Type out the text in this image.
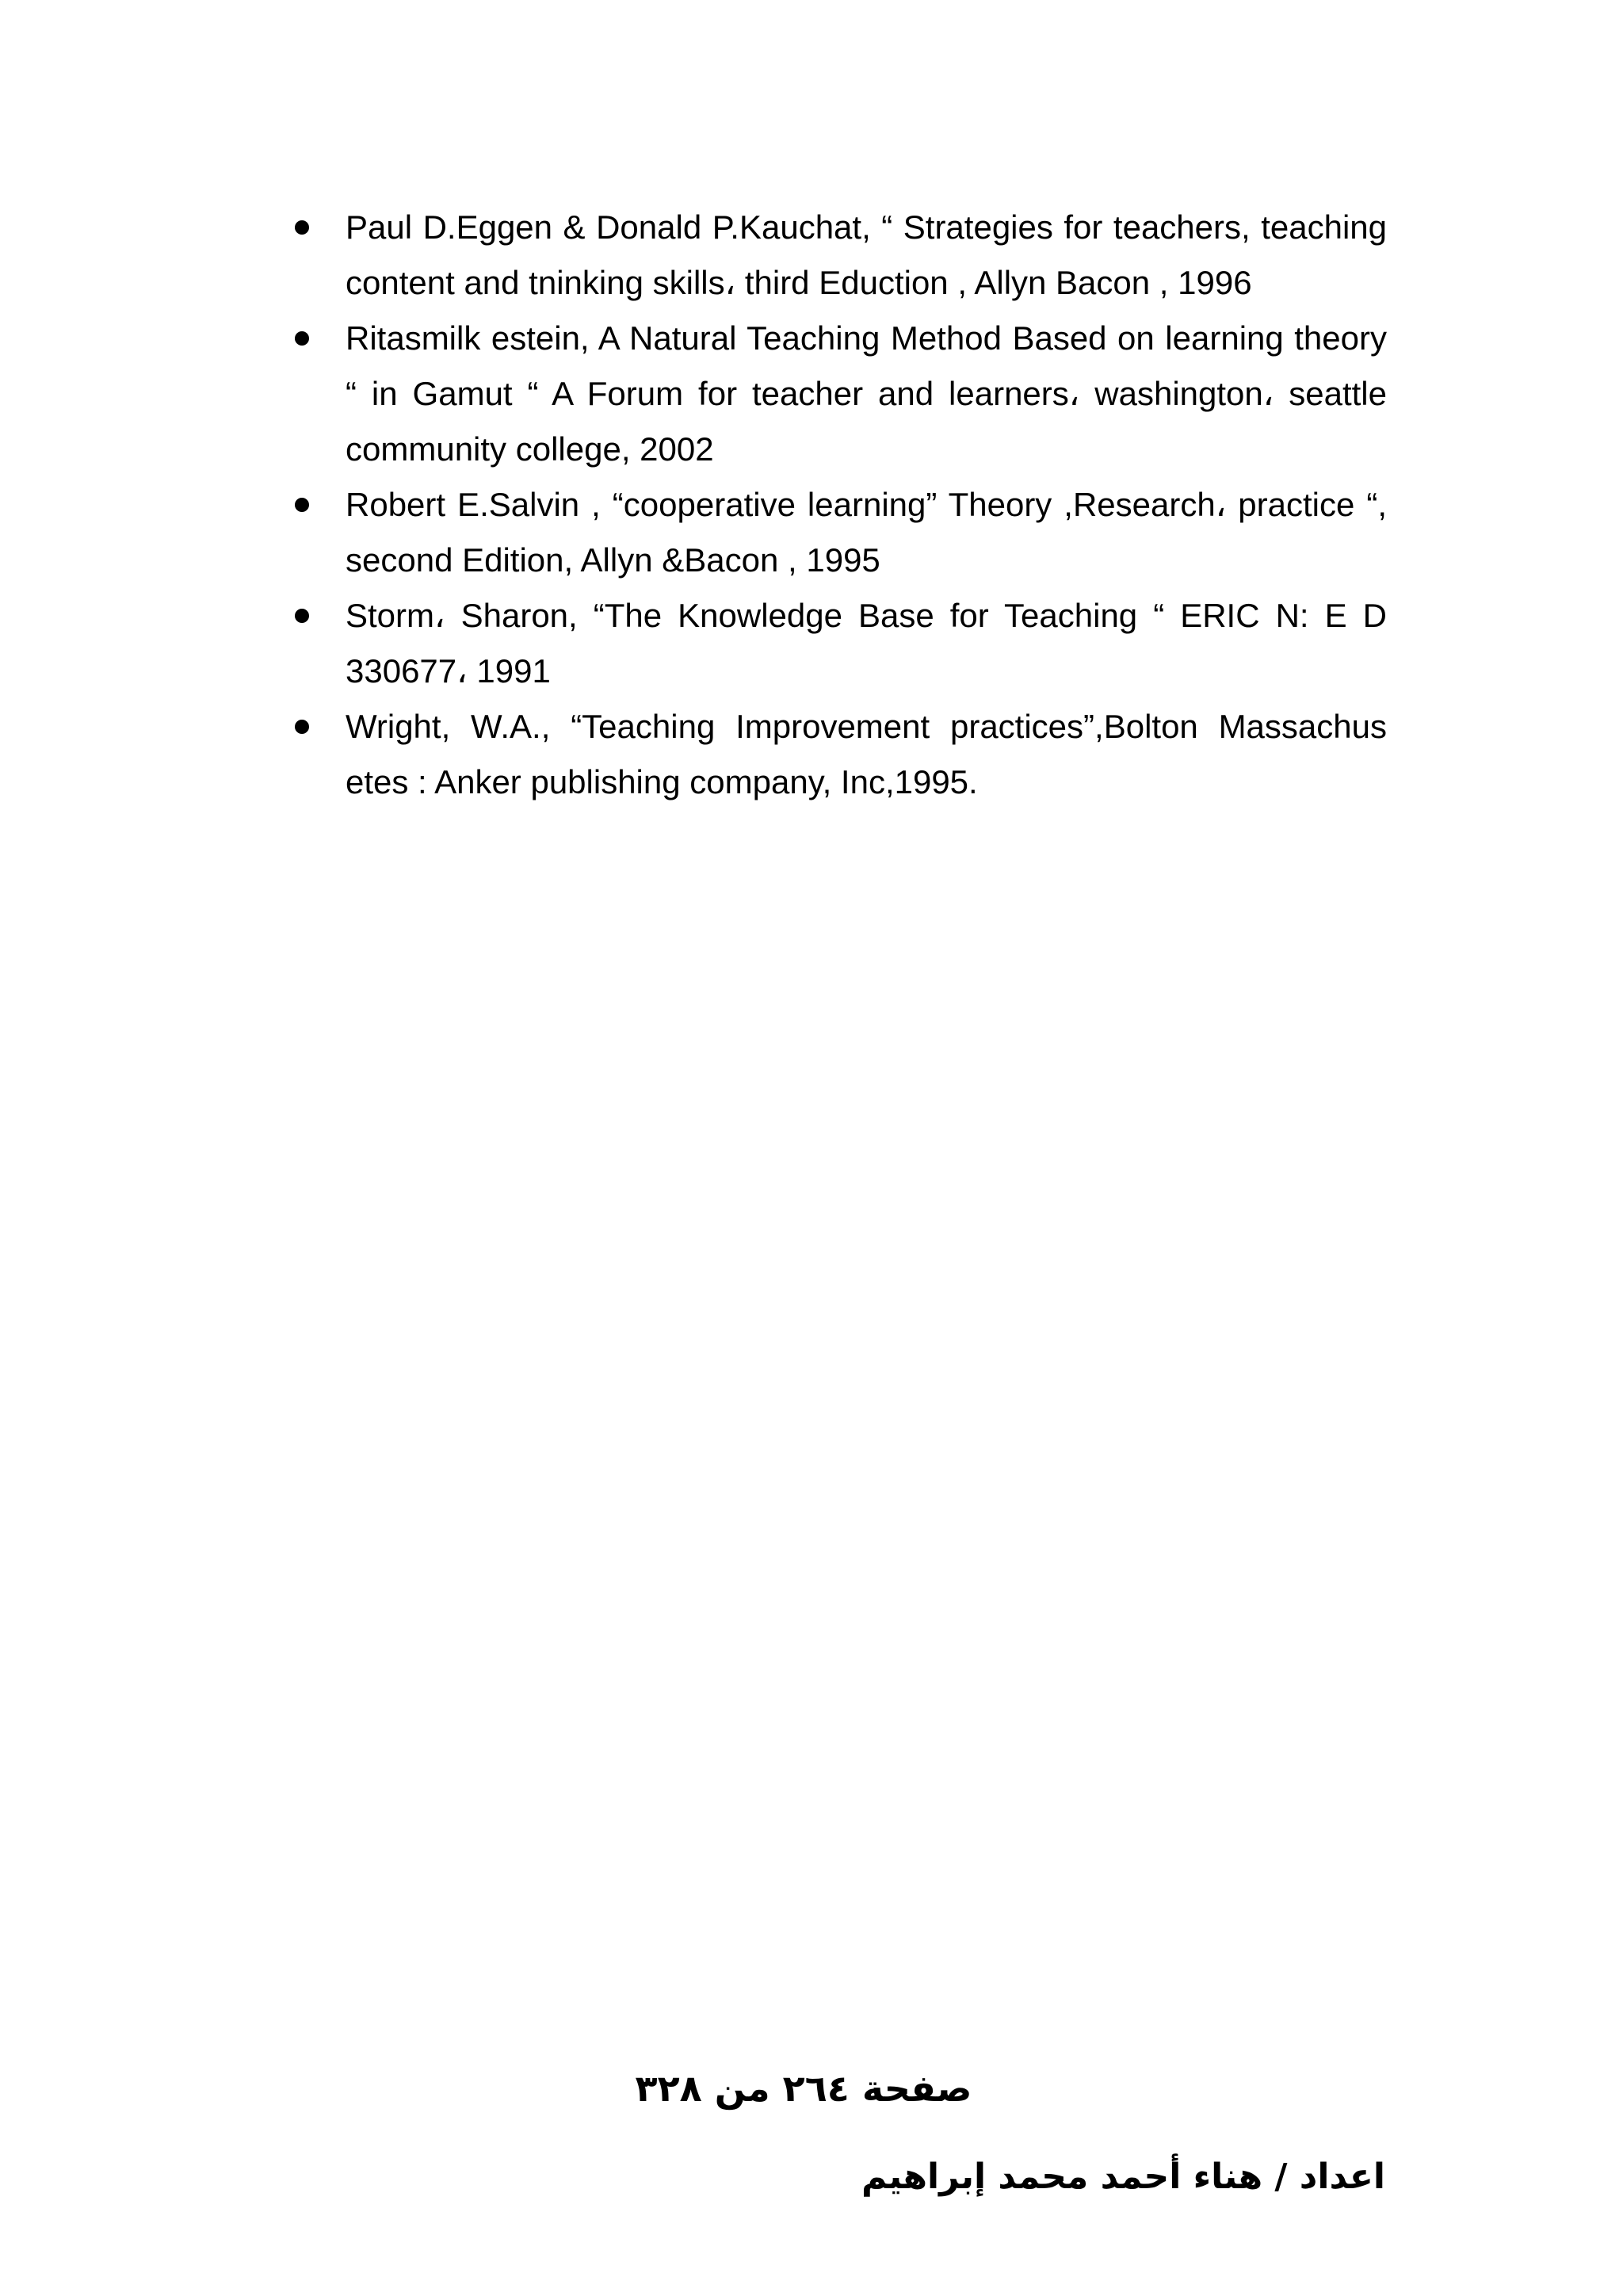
Paul D.Eggen & Donald P.Kauchat, “ Strategies for teachers, teaching content and tninking skills، third Eduction , Allyn Bacon , 1996
Ritasmilk estein, A Natural Teaching Method Based on learning theory “ in Gamut “ A Forum for teacher and learners، washington، seattle community college, 2002
Robert E.Salvin , “cooperative learning” Theory ,Research، practice “, second Edition, Allyn &Bacon , 1995
Storm، Sharon, “The Knowledge Base for Teaching “ ERIC N: E D 330677، 1991
Wright, W.A., “Teaching Improvement practices”,Bolton Massachus etes : Anker publishing company, Inc,1995.
صفحة ٢٦٤ من ٣٢٨
اعداد / هناء أحمد محمد إبراهيم
